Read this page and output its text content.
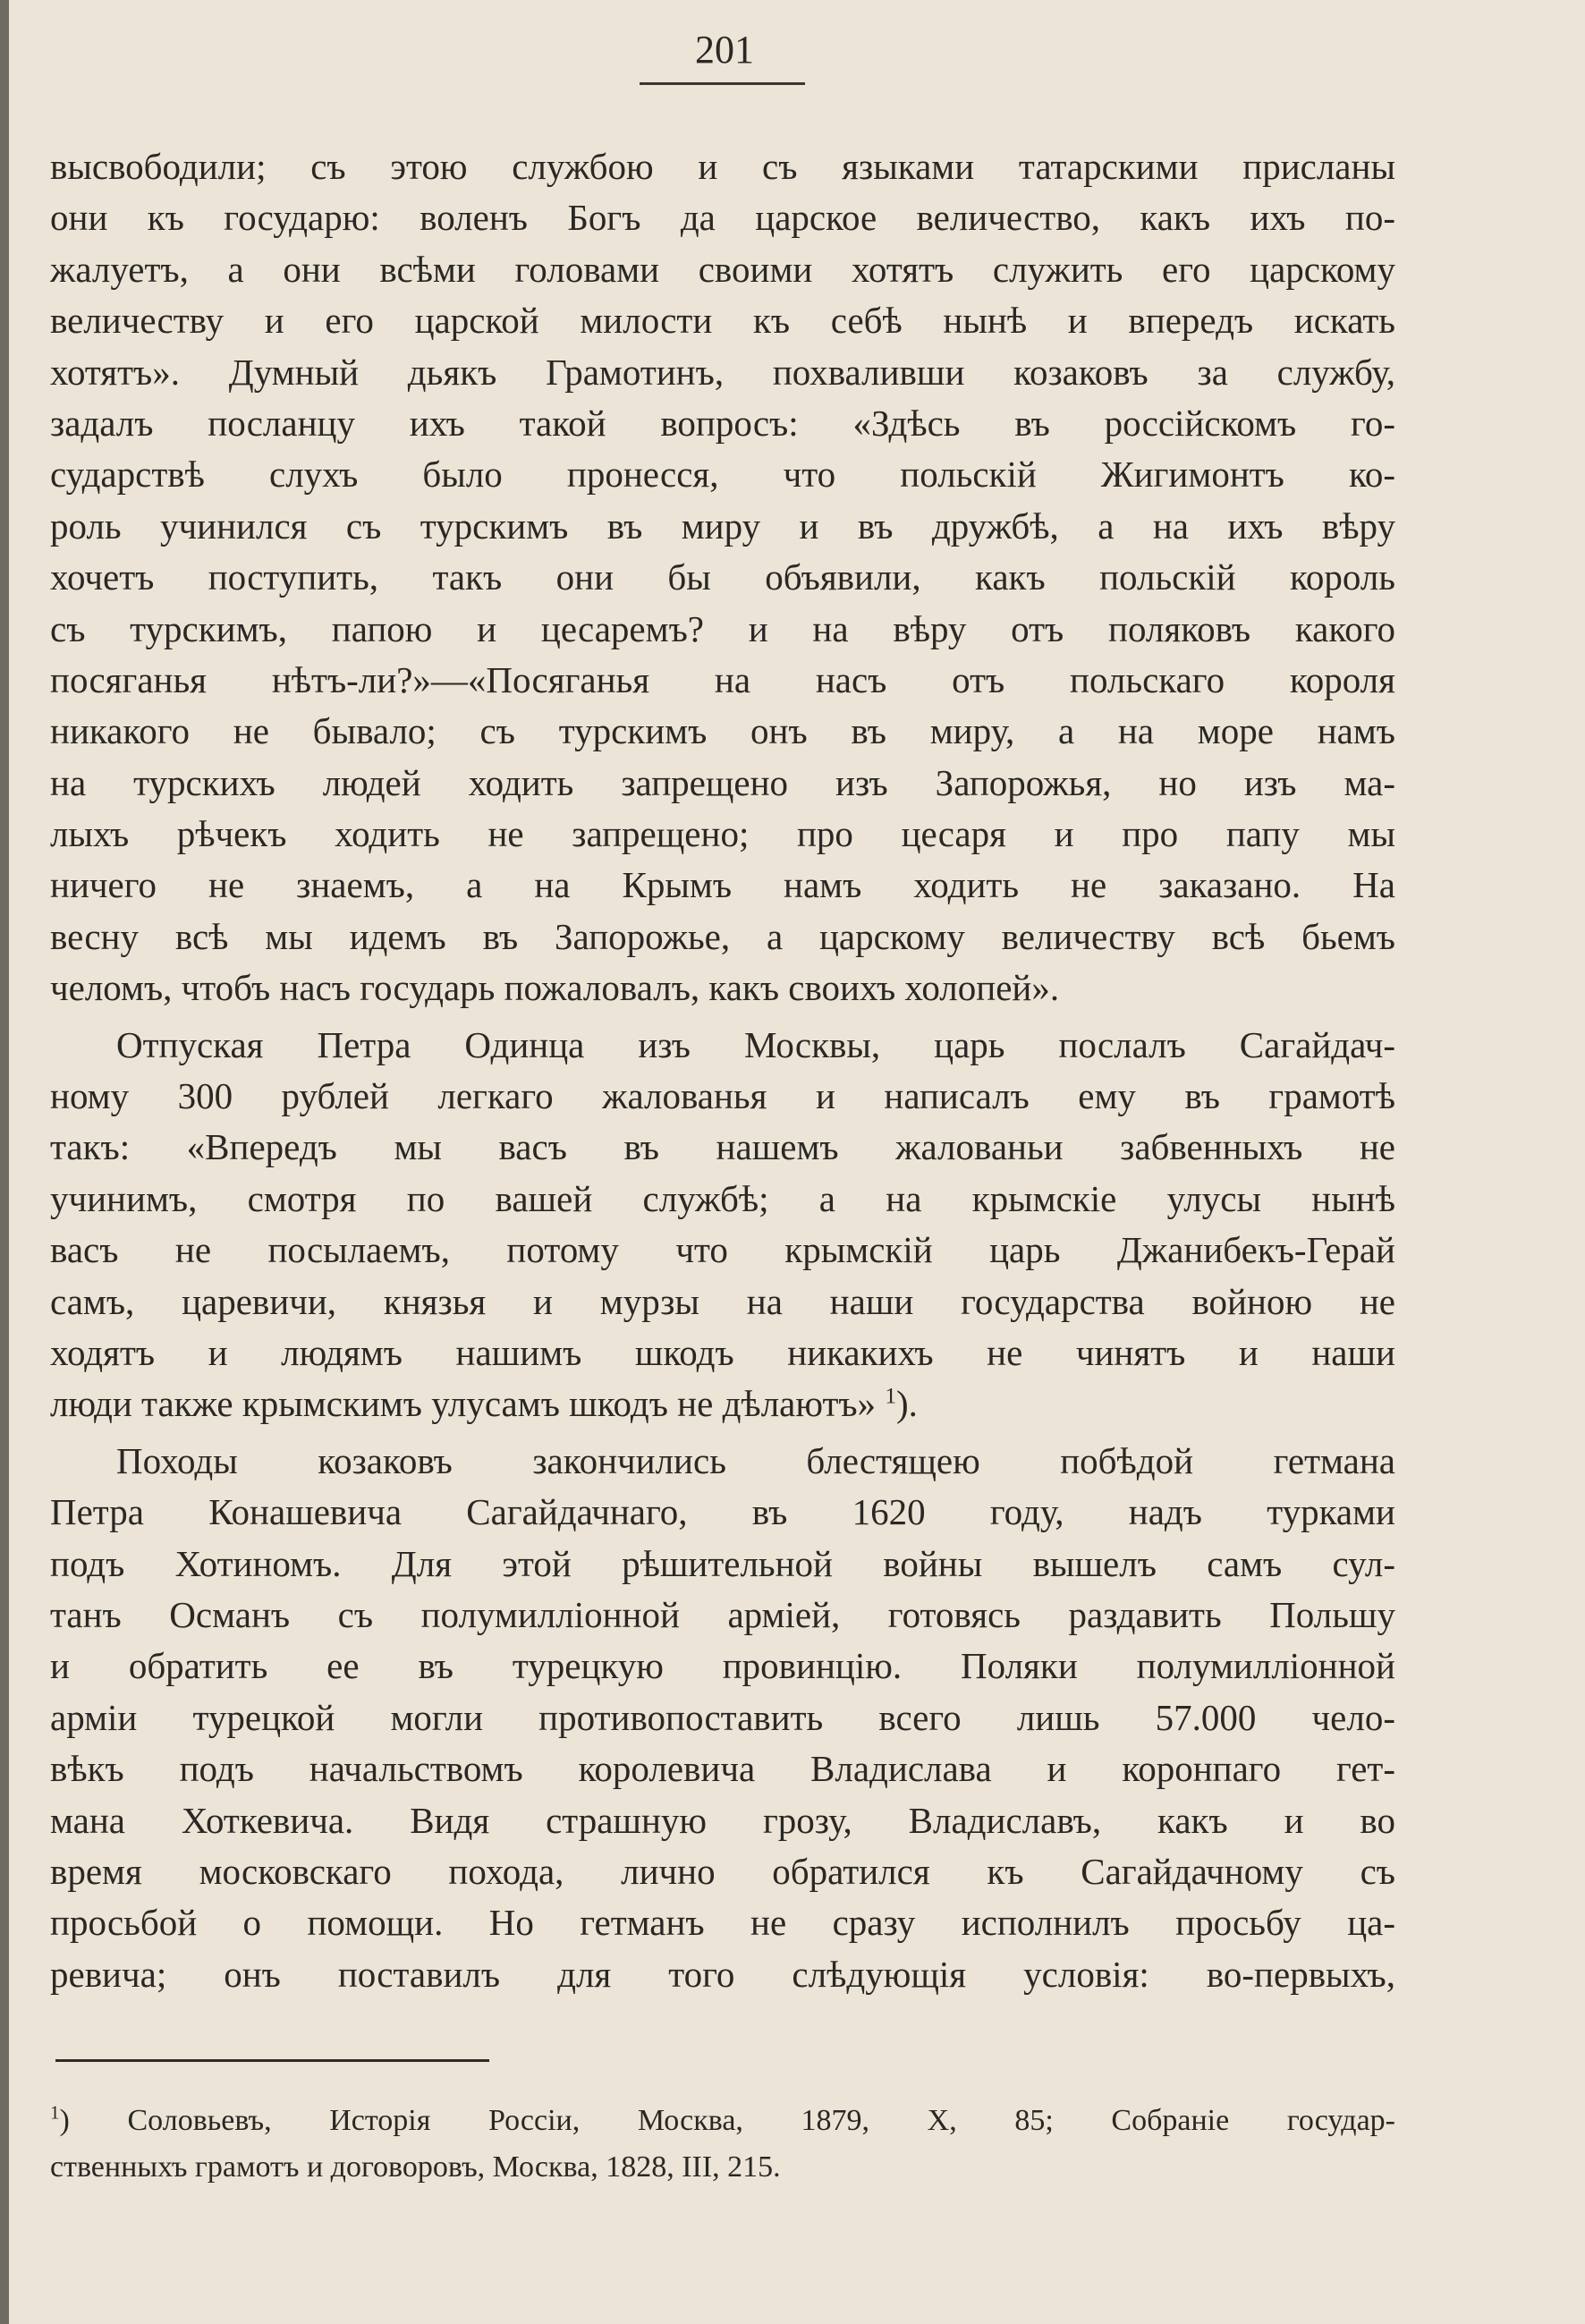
201
высвободили; съ этою службою и съ языками татарскими присланы
они къ государю: воленъ Богъ да царское величество, какъ ихъ по-
жалуетъ, а они всѣми головами своими хотятъ служить его царскому
величеству и его царской милости къ себѣ нынѣ и впередъ искать
хотятъ». Думный дьякъ Грамотинъ, похваливши козаковъ за службу,
задалъ посланцу ихъ такой вопросъ: «Здѣсь въ россійскомъ го-
сударствѣ слухъ было пронесся, что польскій Жигимонтъ ко-
роль учинился съ турскимъ въ миру и въ дружбѣ, а на ихъ вѣру
хочетъ поступить, такъ они бы объявили, какъ польскій король
съ турскимъ, папою и цесаремъ? и на вѣру отъ поляковъ какого
посяганья нѣтъ-ли?»—«Посяганья на насъ отъ польскаго короля
никакого не бывало; съ турскимъ онъ въ миру, а на море намъ
на турскихъ людей ходить запрещено изъ Запорожья, но изъ ма-
лыхъ рѣчекъ ходить не запрещено; про цесаря и про папу мы
ничего не знаемъ, а на Крымъ намъ ходить не заказано. На
весну всѣ мы идемъ въ Запорожье, а царскому величеству всѣ бьемъ
челомъ, чтобъ насъ государь пожаловалъ, какъ своихъ холопей».
Отпуская Петра Одинца изъ Москвы, царь послалъ Сагайдач-
ному 300 рублей легкаго жалованья и написалъ ему въ грамотѣ
такъ: «Впередъ мы васъ въ нашемъ жалованьи забвенныхъ не
учинимъ, смотря по вашей службѣ; а на крымскіе улусы нынѣ
васъ не посылаемъ, потому что крымскій царь Джанибекъ-Герай
самъ, царевичи, князья и мурзы на наши государства войною не
ходятъ и людямъ нашимъ шкодъ никакихъ не чинятъ и наши
люди также крымскимъ улусамъ шкодъ не дѣлаютъ» $^1$).
Походы козаковъ закончились блестящею побѣдой гетмана
Петра Конашевича Сагайдачнаго, въ 1620 году, надъ турками
подъ Хотиномъ. Для этой рѣшительной войны вышелъ самъ сул-
танъ Османъ съ полумилліонной арміей, готовясь раздавить Польшу
и обратить ее въ турецкую провинцію. Поляки полумилліонной
арміи турецкой могли противопоставить всего лишь 57.000 чело-
вѣкъ подъ начальствомъ королевича Владислава и коронпаго гет-
мана Хоткевича. Видя страшную грозу, Владиславъ, какъ и во
время московскаго похода, лично обратился къ Сагайдачному съ
просьбой о помощи. Но гетманъ не сразу исполнилъ просьбу ца-
ревича; онъ поставилъ для того слѣдующія условія: во-первыхъ,
$^1$) Соловьевъ, Исторія Россіи, Москва, 1879, X, 85; Собраніе государ-
ственныхъ грамотъ и договоровъ, Москва, 1828, III, 215.
